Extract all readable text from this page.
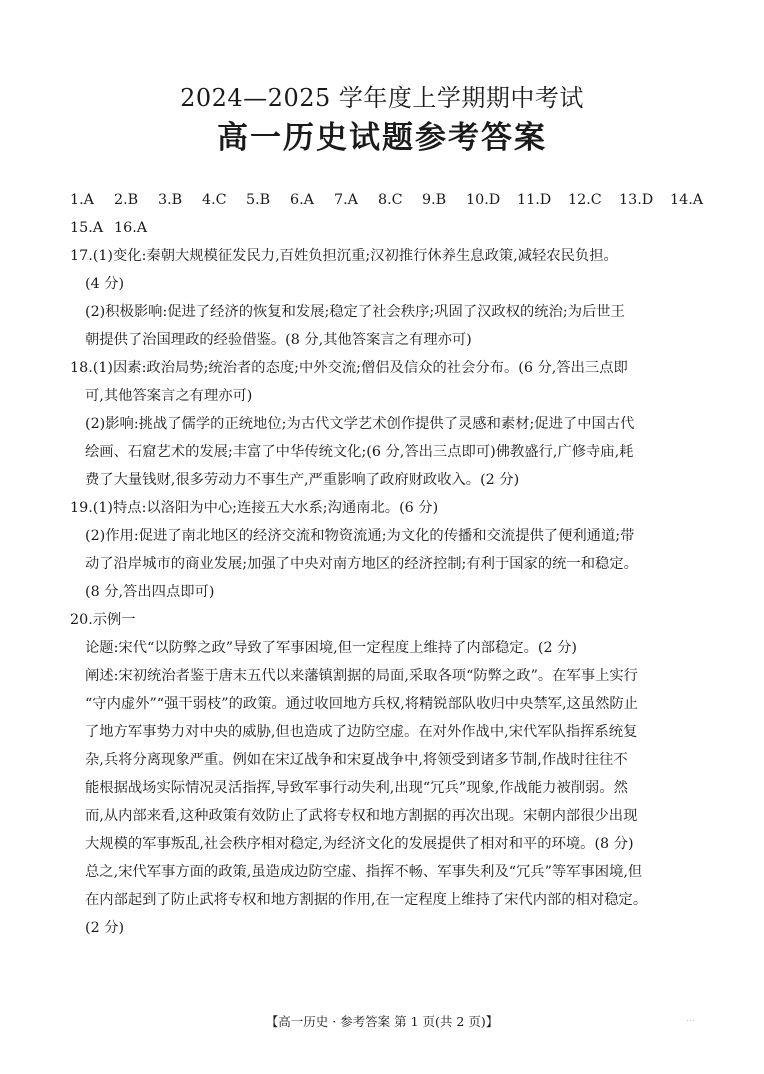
2024—2025 学年度上学期期中考试
高一历史试题参考答案
1.A 2.B 3.B 4.C 5.B 6.A 7.A 8.C 9.B 10.D 11.D 12.C 13.D 14.A
15.A 16.A
17.(1)变化:秦朝大规模征发民力,百姓负担沉重;汉初推行休养生息政策,减轻农民负担。
(4 分)
(2)积极影响:促进了经济的恢复和发展;稳定了社会秩序;巩固了汉政权的统治;为后世王
朝提供了治国理政的经验借鉴。(8 分,其他答案言之有理亦可)
18.(1)因素:政治局势;统治者的态度;中外交流;僧侣及信众的社会分布。(6 分,答出三点即
可,其他答案言之有理亦可)
(2)影响:挑战了儒学的正统地位;为古代文学艺术创作提供了灵感和素材;促进了中国古代
绘画、石窟艺术的发展;丰富了中华传统文化;(6 分,答出三点即可)佛教盛行,广修寺庙,耗
费了大量钱财,很多劳动力不事生产,严重影响了政府财政收入。(2 分)
19.(1)特点:以洛阳为中心;连接五大水系;沟通南北。(6 分)
(2)作用:促进了南北地区的经济交流和物资流通;为文化的传播和交流提供了便利通道;带
动了沿岸城市的商业发展;加强了中央对南方地区的经济控制;有利于国家的统一和稳定。
(8 分,答出四点即可)
20.示例一
论题:宋代“以防弊之政”导致了军事困境,但一定程度上维持了内部稳定。(2 分)
阐述:宋初统治者鉴于唐末五代以来藩镇割据的局面,采取各项“防弊之政”。在军事上实行
“守内虚外”“强干弱枝”的政策。通过收回地方兵权,将精锐部队收归中央禁军,这虽然防止
了地方军事势力对中央的威胁,但也造成了边防空虚。在对外作战中,宋代军队指挥系统复
杂,兵将分离现象严重。例如在宋辽战争和宋夏战争中,将领受到诸多节制,作战时往往不
能根据战场实际情况灵活指挥,导致军事行动失利,出现“冗兵”现象,作战能力被削弱。然
而,从内部来看,这种政策有效防止了武将专权和地方割据的再次出现。宋朝内部很少出现
大规模的军事叛乱,社会秩序相对稳定,为经济文化的发展提供了相对和平的环境。(8 分)
总之,宋代军事方面的政策,虽造成边防空虚、指挥不畅、军事失利及“冗兵”等军事困境,但
在内部起到了防止武将专权和地方割据的作用,在一定程度上维持了宋代内部的相对稳定。
(2 分)
【高一历史 · 参考答案 第 1 页(共 2 页)】	...
